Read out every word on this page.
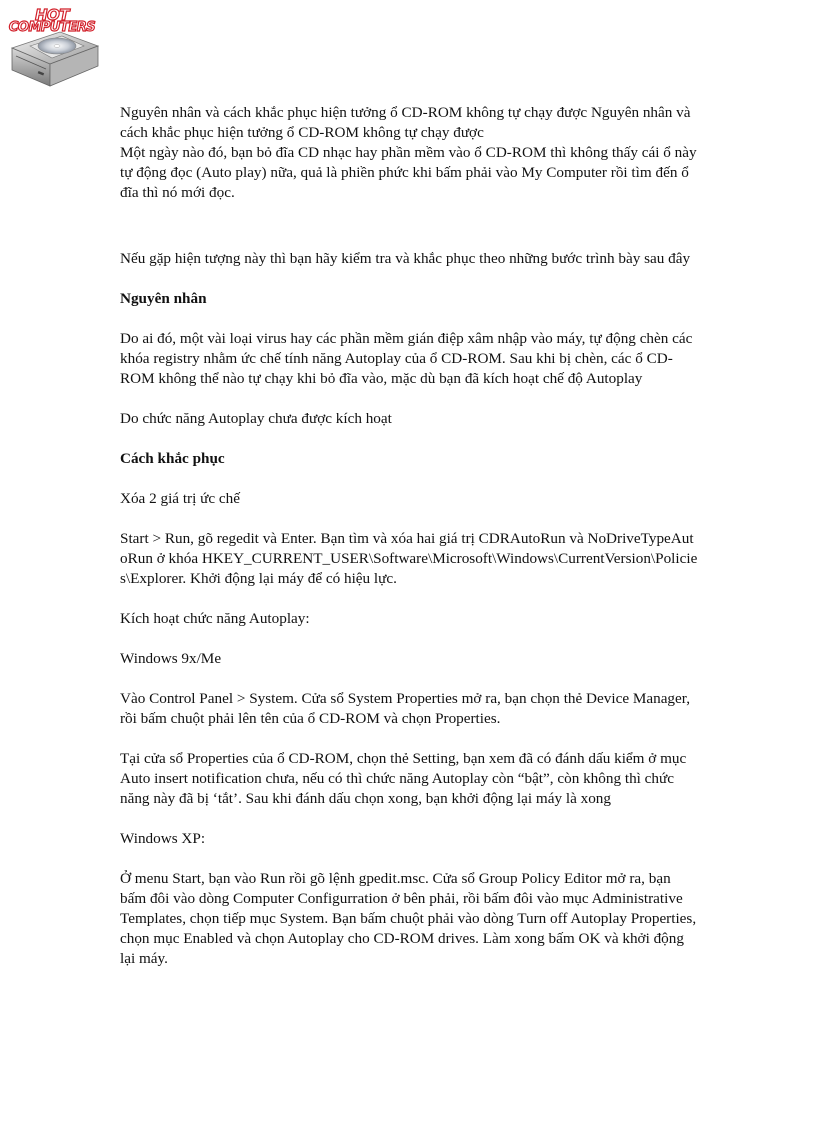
HOT
COMPUTERS

Nguyên nhân và cách khắc phục hiện tưởng ổ CD-ROM không tự chạy được Nguyên nhân và cách khắc phục hiện tưởng ổ CD-ROM không tự chạy được

Một ngày nào đó, bạn bỏ đĩa CD nhạc hay phần mềm vào ổ CD-ROM thì không thấy cái ổ này tự động đọc (Auto play) nữa, quả là phiền phức khi bấm phải vào My Computer rồi tìm đến ổ đĩa thì nó mới đọc.

Nếu gặp hiện tượng này thì bạn hãy kiểm tra và khắc phục theo những bước trình bày sau đây

Nguyên nhân

Do ai đó, một vài loại virus hay các phần mềm gián điệp xâm nhập vào máy, tự động chèn các khóa registry nhằm ức chế tính năng Autoplay của ổ CD-ROM. Sau khi bị chèn, các ổ CD-ROM không thể nào tự chạy khi bỏ đĩa vào, mặc dù bạn đã kích hoạt chế độ Autoplay

Do chức năng Autoplay chưa được kích hoạt

Cách khắc phục

Xóa 2 giá trị ức chế

Start > Run, gõ regedit và Enter. Bạn tìm và xóa hai giá trị CDRAutoRun và NoDriveTypeAutoRun ở khóa HKEY_CURRENT_USER\Software\Microsoft\Windows\CurrentVersion\Policies\Explorer. Khởi động lại máy để có hiệu lực.

Kích hoạt chức năng Autoplay:

Windows 9x/Me

Vào Control Panel > System. Cửa sổ System Properties mở ra, bạn chọn thẻ Device Manager, rồi bấm chuột phải lên tên của ổ CD-ROM và chọn Properties.

Tại cửa sổ Properties của ổ CD-ROM, chọn thẻ Setting, bạn xem đã có đánh dấu kiểm ở mục Auto insert notification chưa, nếu có thì chức năng Autoplay còn “bật”, còn không thì chức năng này đã bị ‘tắt’. Sau khi đánh dấu chọn xong, bạn khởi động lại máy là xong

Windows XP:

Ở menu Start, bạn vào Run rồi gõ lệnh gpedit.msc. Cửa sổ Group Policy Editor mở ra, bạn bấm đôi vào dòng Computer Configurration ở bên phải, rồi bấm đôi vào mục Administrative Templates, chọn tiếp mục System. Bạn bấm chuột phải vào dòng Turn off Autoplay Properties, chọn mục Enabled và chọn Autoplay cho CD-ROM drives. Làm xong bấm OK và khởi động lại máy.
